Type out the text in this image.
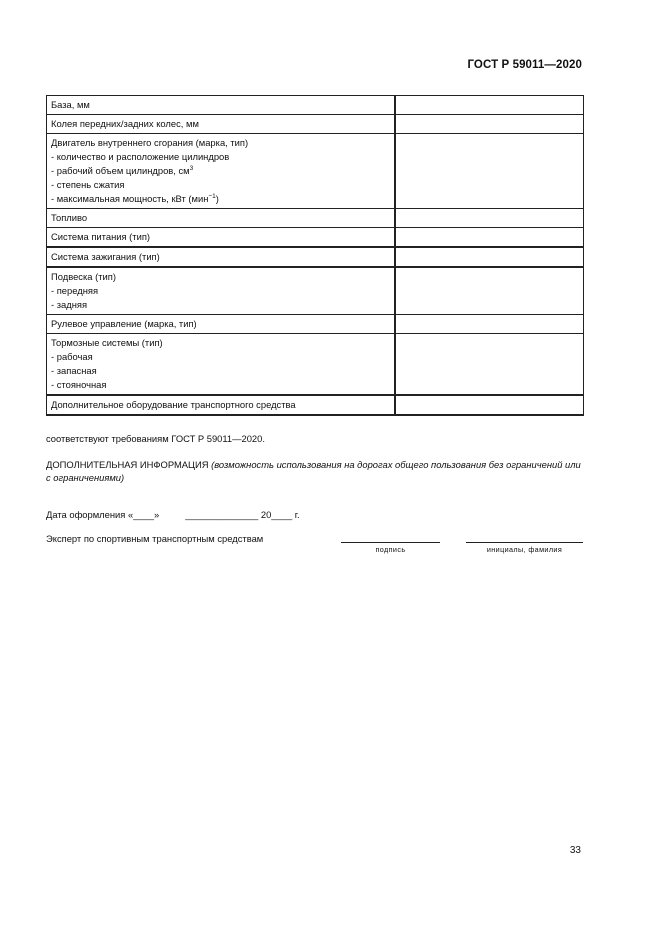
ГОСТ Р 59011—2020
База, мм	
Колея передних/задних колес, мм	

Двигатель внутреннего сгорания (марка, тип)
- количество и расположение цилиндров
- рабочий объем цилиндров, $см^3$
- степень сжатия
- максимальная мощность, кВт (мин$^{-1}$)	

Топливо	
Система питания (тип)	
Система зажигания (тип)	

Подвеска (тип)
- передняя
- задняя	

Рулевое управление (марка, тип)	

Тормозные системы (тип)
- рабочая
- запасная
- стояночная	

Дополнительное оборудование транспортного средства	
соответствуют требованиям ГОСТ Р 59011—2020.
ДОПОЛНИТЕЛЬНАЯ ИНФОРМАЦИЯ (возможность использования на дорогах общего пользования без ограничений или с ограничениями)
Дата оформления «____»          ______________ 20____ г.
Эксперт по спортивным транспортным средствам
подпись	инициалы, фамилия
33
